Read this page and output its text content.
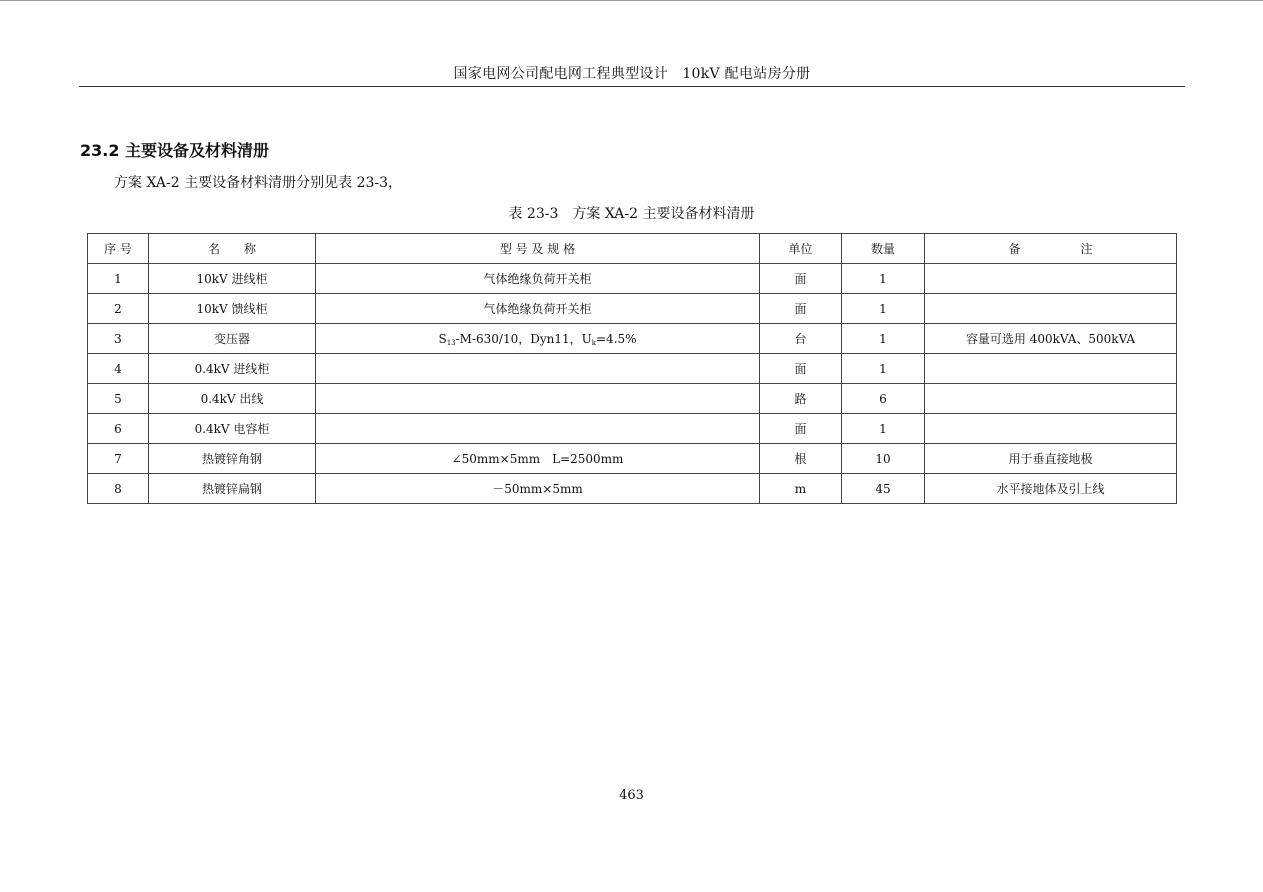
国家电网公司配电网工程典型设计　10kV 配电站房分册
23.2 主要设备及材料清册
方案 XA-2 主要设备材料清册分别见表 23-3，
表 23-3　方案 XA-2 主要设备材料清册
序 号	名　　称	型 号 及 规 格	单位	数量	备　　　　　注
1	10kV 进线柜	气体绝缘负荷开关柜	面	1	
2	10kV 馈线柜	气体绝缘负荷开关柜	面	1	
3	变压器	$S_{13}-M-630/10$，Dyn11，$U_k=4.5\%$	台	1	容量可选用 400kVA、500kVA
4	0.4kV 进线柜		面	1	
5	0.4kV 出线		路	6	
6	0.4kV 电容柜		面	1	
7	热镀锌角钢	∠50mm×5mm　L=2500mm	根	10	用于垂直接地极
8	热镀锌扁钢	－50mm×5mm	m	45	水平接地体及引上线
463
